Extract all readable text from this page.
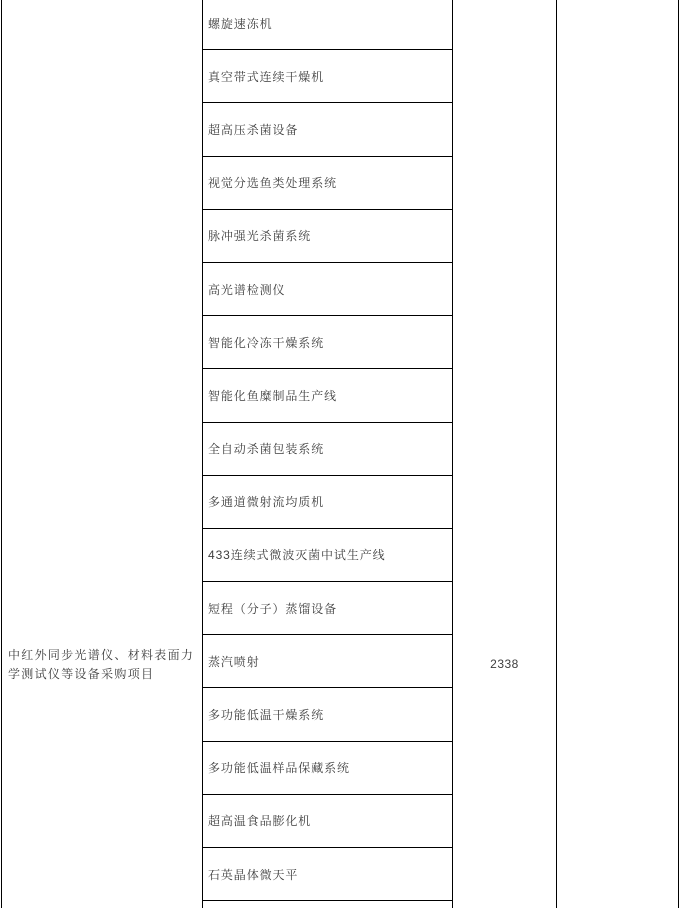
中红外同步光谱仪、材料表面力学测试仪等设备采购项目
螺旋速冻机
真空带式连续干燥机
超高压杀菌设备
视觉分选鱼类处理系统
脉冲强光杀菌系统
高光谱检测仪
智能化冷冻干燥系统
智能化鱼糜制品生产线
全自动杀菌包装系统
多通道微射流均质机
433连续式微波灭菌中试生产线
短程（分子）蒸馏设备
蒸汽喷射
多功能低温干燥系统
多功能低温样品保藏系统
超高温食品膨化机
石英晶体微天平
2338
